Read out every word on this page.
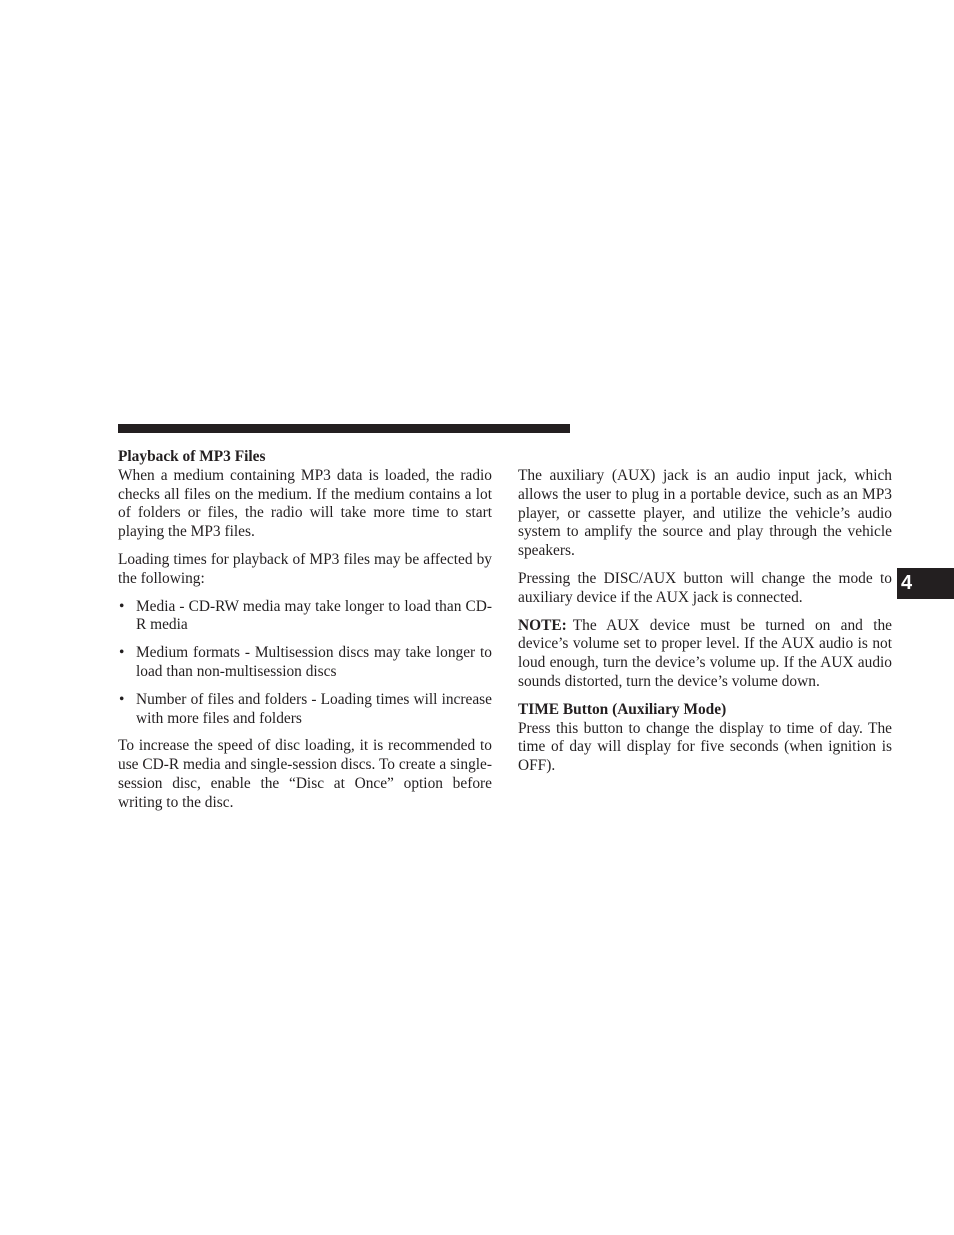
Playback of MP3 Files

When a medium containing MP3 data is loaded, the radio checks all files on the medium. If the medium contains a lot of folders or files, the radio will take more time to start playing the MP3 files.

Loading times for playback of MP3 files may be affected by the following:

• Media - CD-RW media may take longer to load than CD-R media
• Medium formats - Multisession discs may take longer to load than non-multisession discs
• Number of files and folders - Loading times will increase with more files and folders

To increase the speed of disc loading, it is recommended to use CD-R media and single-session discs. To create a single-session disc, enable the “Disc at Once” option before writing to the disc.

The auxiliary (AUX) jack is an audio input jack, which allows the user to plug in a portable device, such as an MP3 player, or cassette player, and utilize the vehicle’s audio system to amplify the source and play through the vehicle speakers.

Pressing the DISC/AUX button will change the mode to auxiliary device if the AUX jack is connected.

NOTE: The AUX device must be turned on and the device’s volume set to proper level. If the AUX audio is not loud enough, turn the device’s volume up. If the AUX audio sounds distorted, turn the device’s volume down.

TIME Button (Auxiliary Mode)

Press this button to change the display to time of day. The time of day will display for five seconds (when ignition is OFF).

4
